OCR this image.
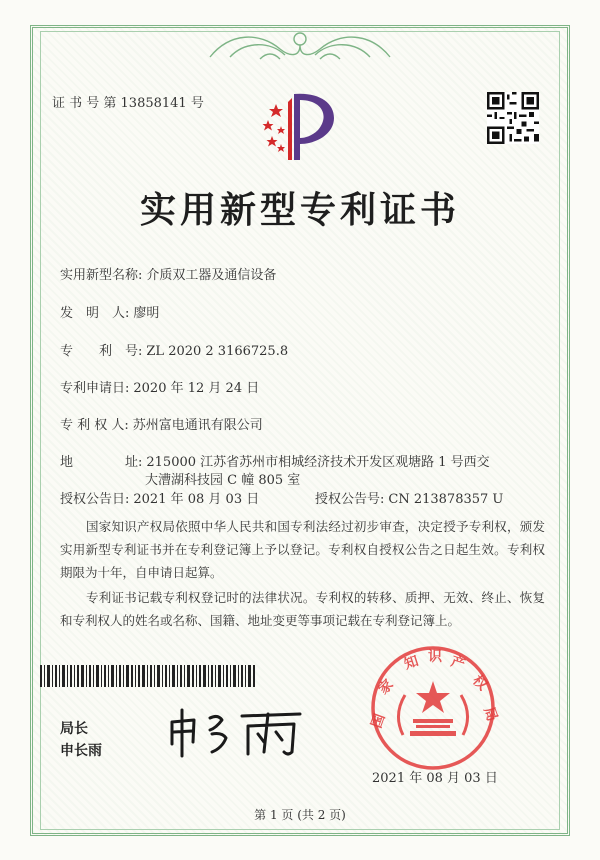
证 书 号 第 13858141 号
实用新型专利证书
实用新型名称: 介质双工器及通信设备
发　明　人: 廖明
专　　利　号: ZL 2020 2 3166725.8
专利申请日: 2020 年 12 月 24 日
专 利 权 人: 苏州富电通讯有限公司
地　　　　址: 215000 江苏省苏州市相城经济技术开发区观塘路 1 号西交
大漕湖科技园 C 幢 805 室
授权公告日: 2021 年 08 月 03 日	授权公告号: CN 213878357 U
国家知识产权局依照中华人民共和国专利法经过初步审查，决定授予专利权，颁发实用新型专利证书并在专利登记簿上予以登记。专利权自授权公告之日起生效。专利权期限为十年，自申请日起算。
专利证书记载专利权登记时的法律状况。专利权的转移、质押、无效、终止、恢复和专利权人的姓名或名称、国籍、地址变更等事项记载在专利登记簿上。
局长
申长雨
国
家
知 识 产
权
局
2021 年 08 月 03 日
第 1 页 (共 2 页)
